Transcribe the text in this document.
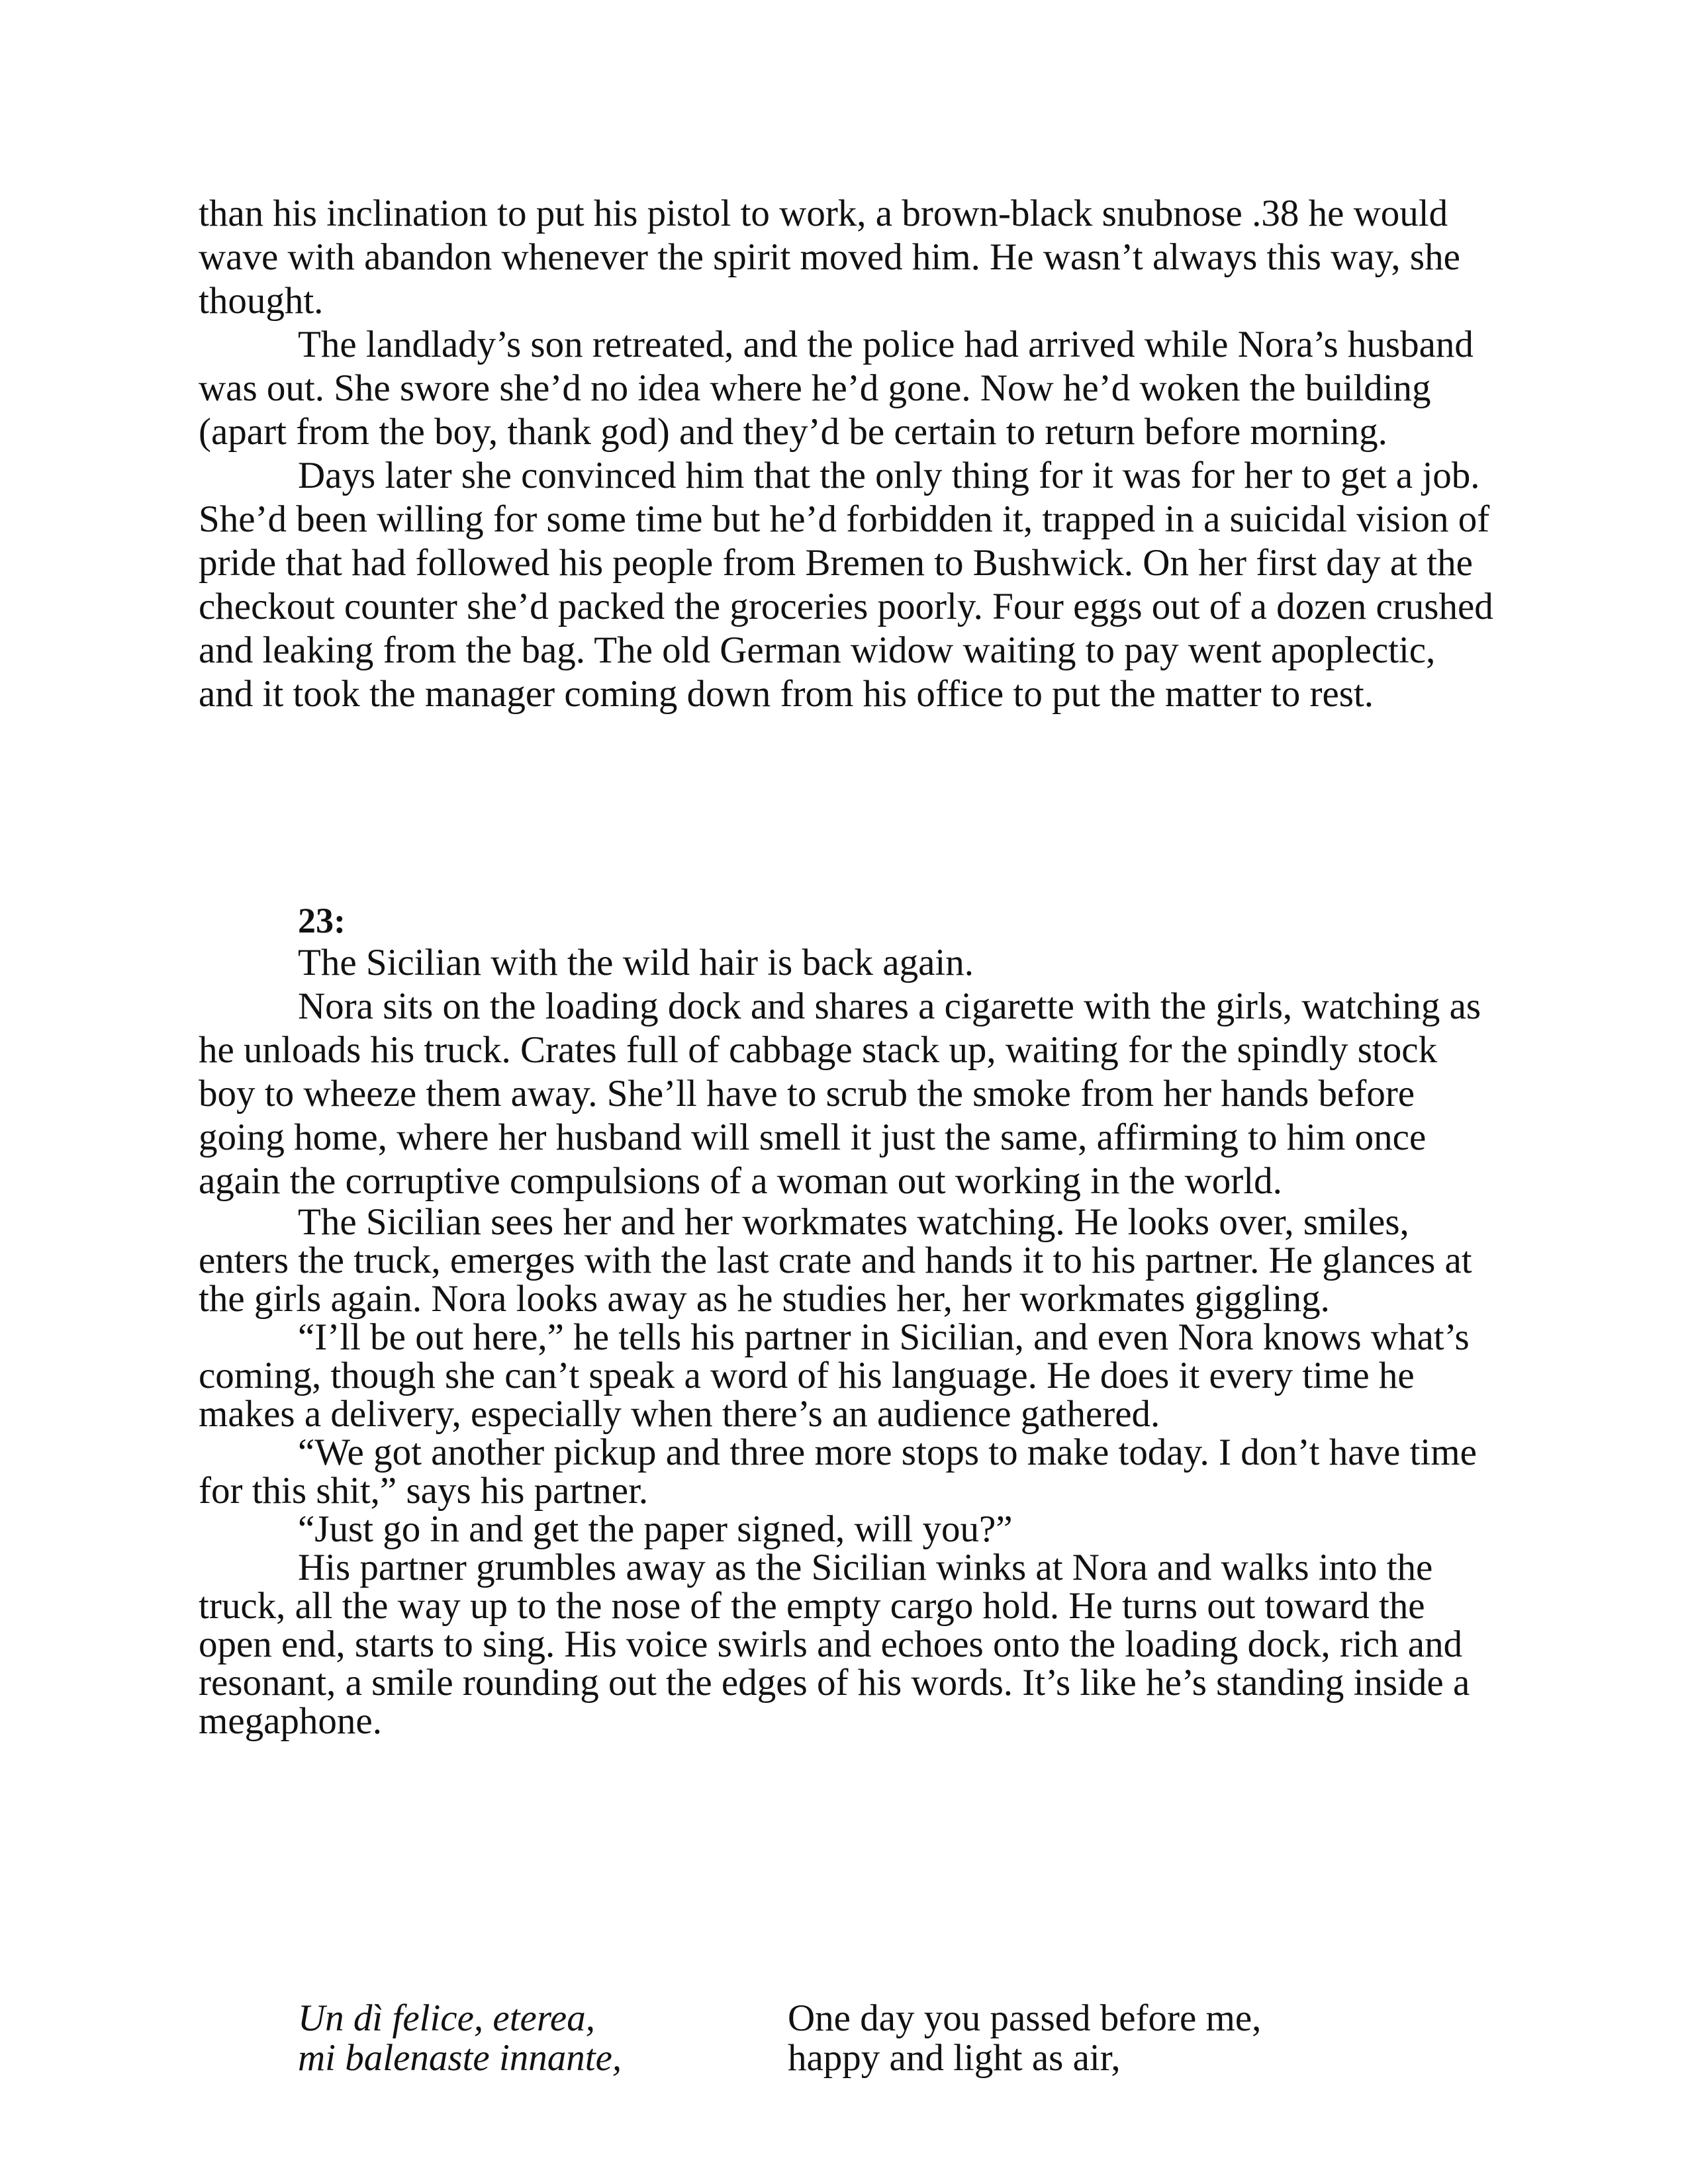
than his inclination to put his pistol to work, a brown-black snubnose .38 he would wave with abandon whenever the spirit moved him. He wasn’t always this way, she thought.

The landlady’s son retreated, and the police had arrived while Nora’s husband was out. She swore she’d no idea where he’d gone. Now he’d woken the building (apart from the boy, thank god) and they’d be certain to return before morning.

Days later she convinced him that the only thing for it was for her to get a job. She’d been willing for some time but he’d forbidden it, trapped in a suicidal vision of pride that had followed his people from Bremen to Bushwick. On her first day at the checkout counter she’d packed the groceries poorly. Four eggs out of a dozen crushed and leaking from the bag. The old German widow waiting to pay went apoplectic, and it took the manager coming down from his office to put the matter to rest.

23:

The Sicilian with the wild hair is back again.

Nora sits on the loading dock and shares a cigarette with the girls, watching as he unloads his truck. Crates full of cabbage stack up, waiting for the spindly stock boy to wheeze them away. She’ll have to scrub the smoke from her hands before going home, where her husband will smell it just the same, affirming to him once again the corruptive compulsions of a woman out working in the world.

The Sicilian sees her and her workmates watching. He looks over, smiles, enters the truck, emerges with the last crate and hands it to his partner. He glances at the girls again. Nora looks away as he studies her, her workmates giggling.

“I’ll be out here,” he tells his partner in Sicilian, and even Nora knows what’s coming, though she can’t speak a word of his language. He does it every time he makes a delivery, especially when there’s an audience gathered.

“We got another pickup and three more stops to make today. I don’t have time for this shit,” says his partner.

“Just go in and get the paper signed, will you?”

His partner grumbles away as the Sicilian winks at Nora and walks into the truck, all the way up to the nose of the empty cargo hold. He turns out toward the open end, starts to sing. His voice swirls and echoes onto the loading dock, rich and resonant, a smile rounding out the edges of his words. It’s like he’s standing inside a megaphone.

Un dì felice, eterea,
mi balenaste innante,
One day you passed before me,
happy and light as air,
